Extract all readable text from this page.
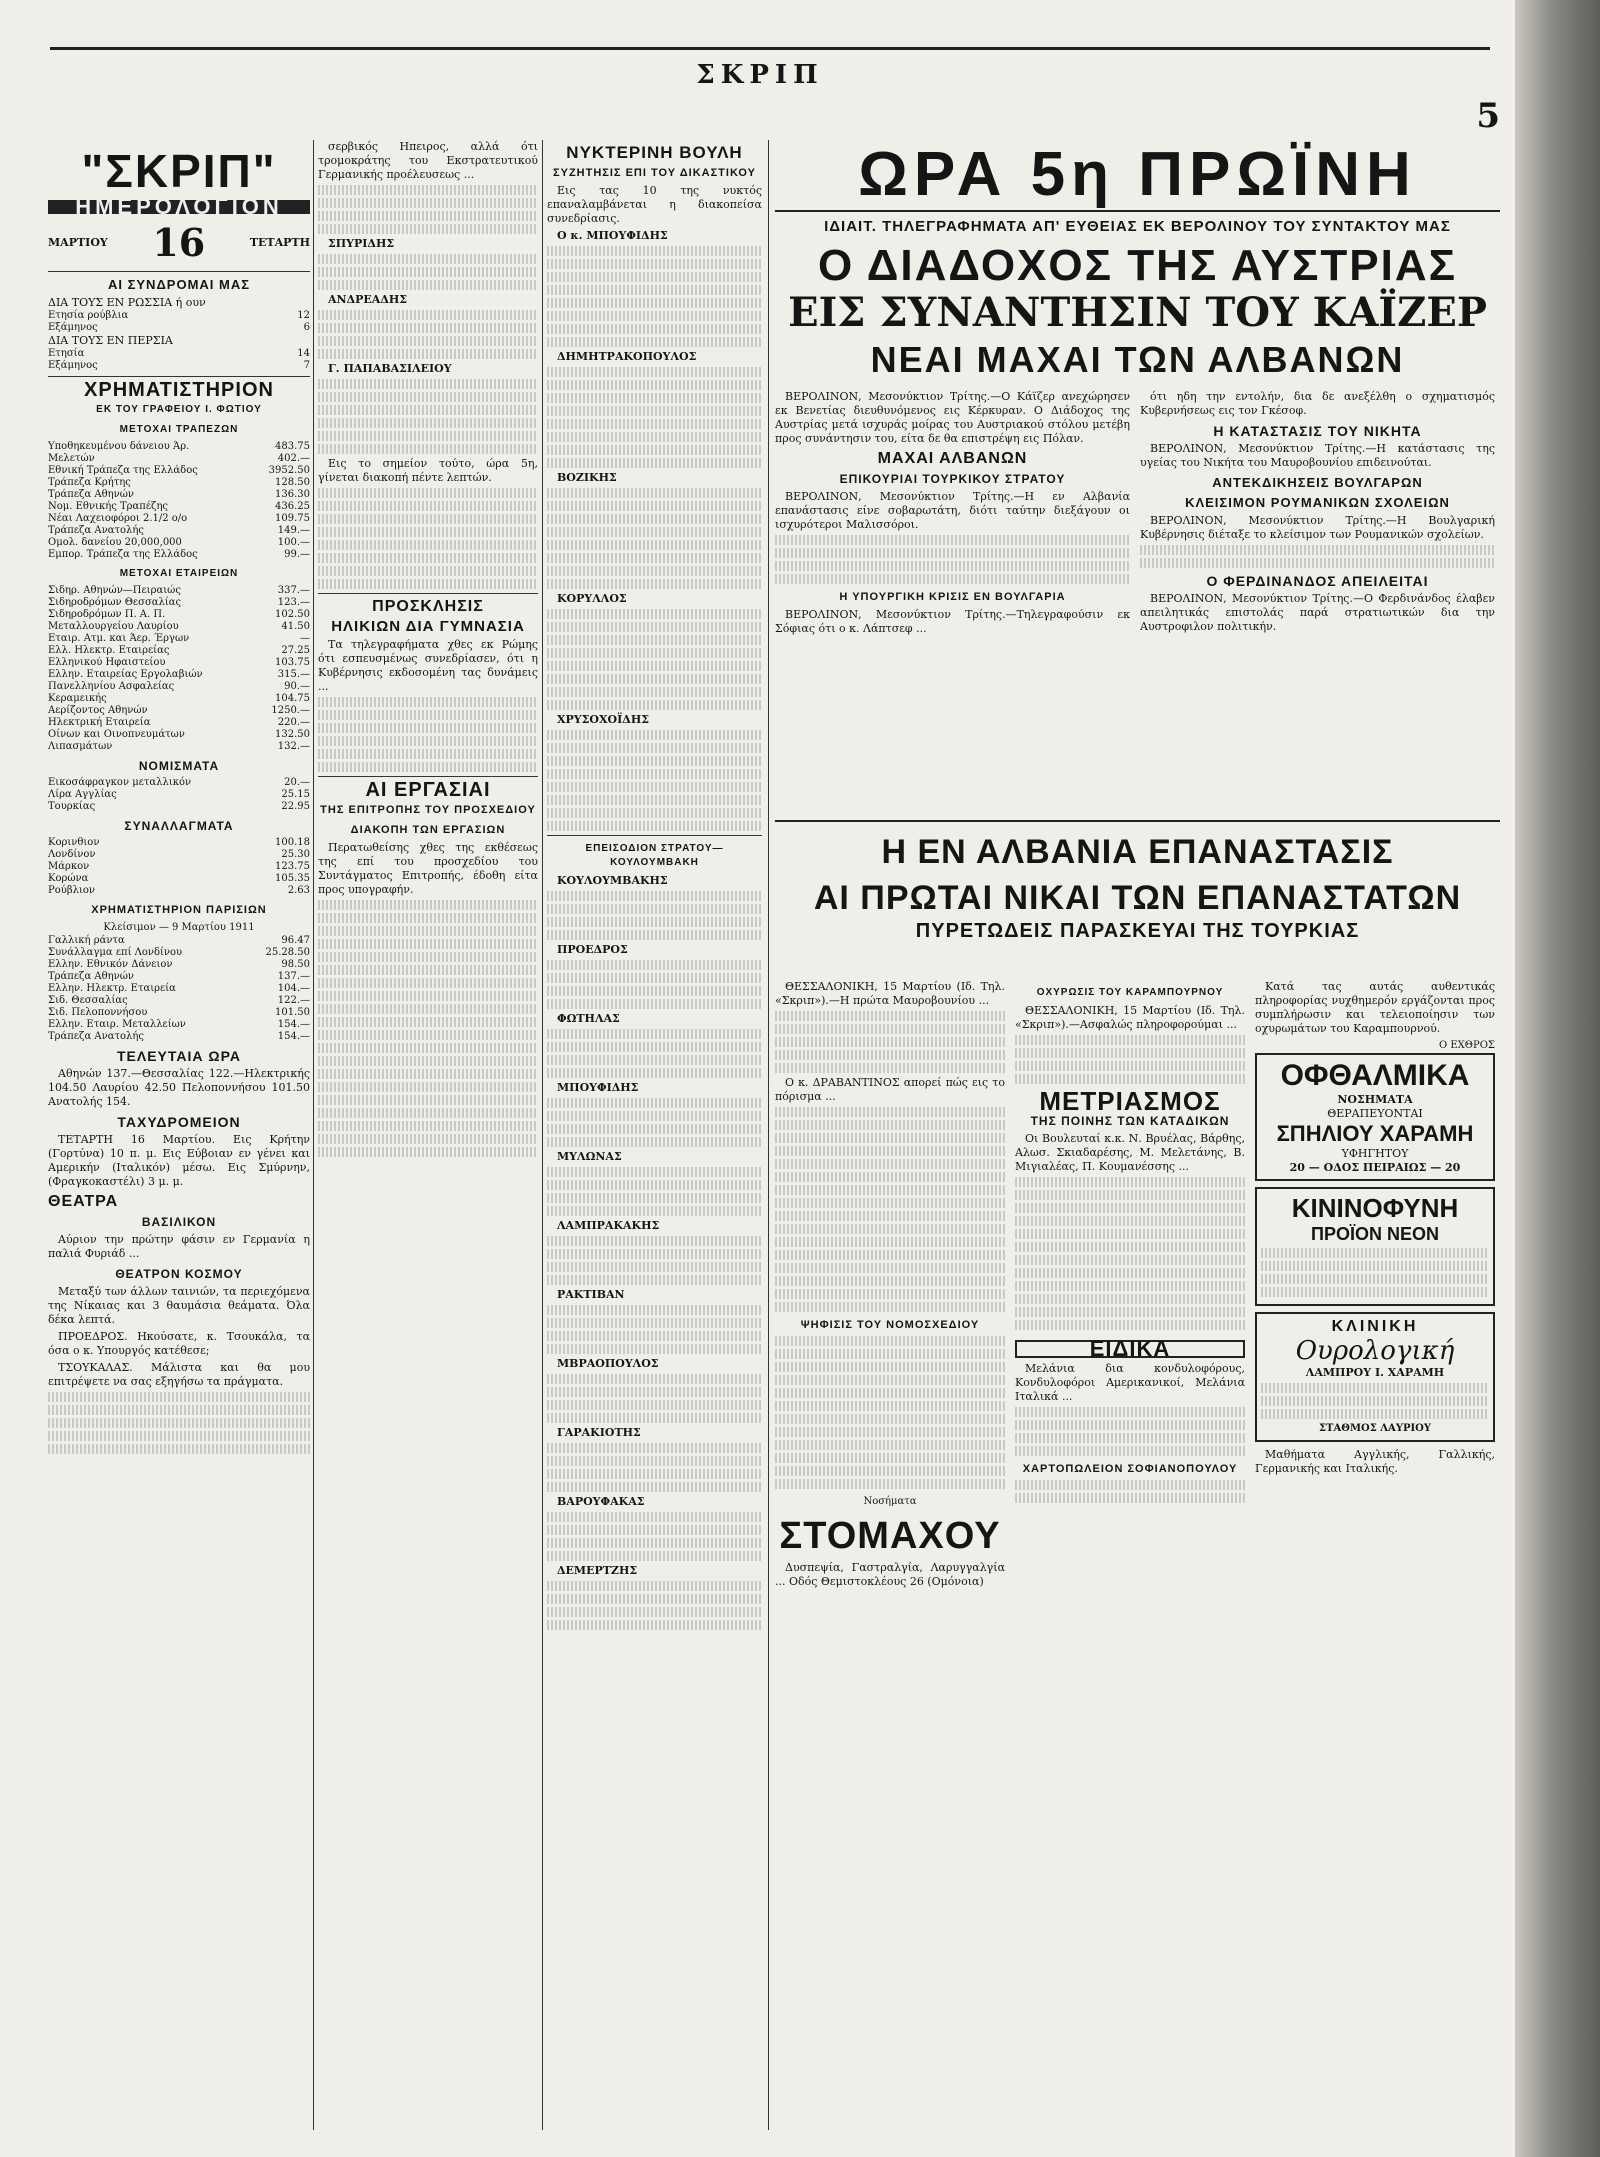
ΣΚΡΙΠ
5
"ΣΚΡΙΠ"
ΗΜΕΡΟΛΟΓΙΟΝ
ΜΑΡΤΙΟΥ 16	ΤΕΤΑΡΤΗ
ΑΙ ΣΥΝΔΡΟΜΑΙ ΜΑΣ
ΔΙΑ ΤΟΥΣ ΕΝ ΡΩΣΣΙΑ ή ουν
Ετησία ρούβλια	12
Εξάμηνος	6
ΔΙΑ ΤΟΥΣ ΕΝ ΠΕΡΣΙΑ
Ετησία	14
Εξάμηνος	7
ΧΡΗΜΑΤΙΣΤΗΡΙΟΝ
ΕΚ ΤΟΥ ΓΡΑΦΕΙΟΥ Ι. ΦΩΤΙΟΥ
ΜΕΤΟΧΑΙ ΤΡΑΠΕΖΩΝ
Υποθηκευμένου δάνειου Άρ.	483.75
Μελετών	402.—
Εθνική Τράπεζα της Ελλάδος	3952.50
Τράπεζα Κρήτης	128.50
Τράπεζα Αθηνών	136.30
Νομ. Εθνικής Τραπέζης	436.25
Νέαι Λαχειοφόροι 2.1/2 ο/ο	109.75
Τράπεζα Ανατολής	149.—
Ομολ. δανείου 20,000,000	100.—
Εμπορ. Τράπεζα της Ελλάδος	99.—
ΜΕΤΟΧΑΙ ΕΤΑΙΡΕΙΩΝ
Σιδηρ. Αθηνών—Πειραιώς	337.—
Σιδηροδρόμων Θεσσαλίας	123.—
Σιδηροδρόμων Π. Α. Π.	102.50
Μεταλλουργείου Λαυρίου	41.50
Εταιρ. Ατμ. και Άερ. Έργων	—
Ελλ. Ηλεκτρ. Εταιρείας	27.25
Ελληνικού Ηφαιστείου	103.75
Ελλην. Εταιρείας Εργολαβιών	315.—
Πανελληνίου Ασφαλείας	90.—
Κεραμεικής	104.75
Αερίζοντος Αθηνών	1250.—
Ηλεκτρική Εταιρεία	220.—
Οίνων και Οινοπνευμάτων	132.50
Λιπασμάτων	132.—
ΝΟΜΙΣΜΑΤΑ
Εικοσάφραγκον μεταλλικόν	20.—
Λίρα Αγγλίας	25.15
Τουρκίας	22.95
ΣΥΝΑΛΛΑΓΜΑΤΑ
Κορινθιον	100.18
Λονδίνον	25.30
Μάρκον	123.75
Κορώνα	105.35
Ρούβλιον	2.63
ΧΡΗΜΑΤΙΣΤΗΡΙΟΝ ΠΑΡΙΣΙΩΝ
Κλείσιμον — 9 Μαρτίου 1911
Γαλλική ράντα	96.47
Συνάλλαγμα επί Λονδίνου	25.28.50
Ελλην. Εθνικόν Δάνειον	98.50
Τράπεζα Αθηνών	137.—
Ελλην. Ηλεκτρ. Εταιρεία	104.—
Σιδ. Θεσσαλίας	122.—
Σιδ. Πελοποννήσου	101.50
Ελλην. Εταιρ. Μεταλλείων	154.—
Τράπεζα Ανατολής	154.—
ΤΕΛΕΥΤΑΙΑ ΩΡΑ
Αθηνών 137.—Θεσσαλίας 122.—Ηλεκτρικής 104.50 Λαυρίου 42.50 Πελοποννήσου 101.50 Ανατολής 154.
ΤΑΧΥΔΡΟΜΕΙΟΝ
ΤΕΤΑΡΤΗ 16 Μαρτίου. Εις Κρήτην (Γορτύνα) 10 π. μ. Εις Εύβοιαν εν γένει και Αμερικήν (Ιταλικόν) μέσω. Εις Σμύρνην, (Φραγκοκαστέλι) 3 μ. μ.
ΘΕΑΤΡΑ
ΒΑΣΙΛΙΚΟΝ
Αύριον την πρώτην φάσιν εν Γερμανία η παλιά Φυριάδ ...
ΘΕΑΤΡΟΝ ΚΟΣΜΟΥ
Μεταξύ των άλλων ταινιών, τα περιεχόμενα της Νίκαιας και 3 θαυμάσια θεάματα. Όλα δέκα λεπτά.
ΠΡΟΕΔΡΟΣ. Ηκούσατε, κ. Τσουκάλα, τα όσα ο κ. Υπουργός κατέθεσε;
ΤΣΟΥΚΑΛΑΣ. Μάλιστα και θα μου επιτρέψετε να σας εξηγήσω τα πράγματα.
σερβικός Ηπειρος, αλλά ότι τρομοκράτης του Εκστρατευτικού Γερμανικής προέλευσεως ...
ΣΠΥΡΙΔΗΣ
ΑΝΔΡΕΑΔΗΣ
Γ. ΠΑΠΑΒΑΣΙΛΕΙΟΥ
Εις το σημείον τούτο, ώρα 5η, γίνεται διακοπή πέντε λεπτών.
ΠΡΟΣΚΛΗΣΙΣ
ΗΛΙΚΙΩΝ ΔΙΑ ΓΥΜΝΑΣΙΑ
Τα τηλεγραφήματα χθες εκ Ρώμης ότι εσπευσμένως συνεδρίασεν, ότι η Κυβέρνησις εκδοσομένη τας δυνάμεις ...
ΑΙ ΕΡΓΑΣΙΑΙ
ΤΗΣ ΕΠΙΤΡΟΠΗΣ ΤΟΥ ΠΡΟΣΧΕΔΙΟΥ
ΔΙΑΚΟΠΗ ΤΩΝ ΕΡΓΑΣΙΩΝ
Περατωθείσης χθες της εκθέσεως της επί του προσχεδίου του Συντάγματος Επιτροπής, έδοθη είτα προς υπογραφήν.
ΝΥΚΤΕΡΙΝΗ ΒΟΥΛΗ
ΣΥΖΗΤΗΣΙΣ ΕΠΙ ΤΟΥ ΔΙΚΑΣΤΙΚΟΥ
Εις τας 10 της νυκτός επαναλαμβάνεται η διακοπείσα συνεδρίασις.
Ο κ. ΜΠΟΥΦΙΔΗΣ
ΔΗΜΗΤΡΑΚΟΠΟΥΛΟΣ
ΒΟΖΙΚΗΣ
ΚΟΡΥΛΛΟΣ
ΧΡΥΣΟΧΟΪΔΗΣ
ΕΠΕΙΣΟΔΙΟΝ ΣΤΡΑΤΟΥ—ΚΟΥΛΟΥΜΒΑΚΗ
ΚΟΥΛΟΥΜΒΑΚΗΣ
ΠΡΟΕΔΡΟΣ
ΦΩΤΗΛΑΣ
ΜΠΟΥΦΙΔΗΣ
ΜΥΛΩΝΑΣ
ΛΑΜΠΡΑΚΑΚΗΣ
ΡΑΚΤΙΒΑΝ
ΜΒΡΑΟΠΟΥΛΟΣ
ΓΑΡΑΚΙΟΤΗΣ
ΒΑΡΟΥΦΑΚΑΣ
ΔΕΜΕΡΤΖΗΣ
ΩΡΑ 5η ΠΡΩΪΝΗ
ΙΔΙΑΙΤ. ΤΗΛΕΓΡΑΦΗΜΑΤΑ ΑΠ' ΕΥΘΕΙΑΣ ΕΚ ΒΕΡΟΛΙΝΟΥ ΤΟΥ ΣΥΝΤΑΚΤΟΥ ΜΑΣ
Ο ΔΙΑΔΟΧΟΣ ΤΗΣ ΑΥΣΤΡΙΑΣ
ΕΙΣ ΣΥΝΑΝΤΗΣΙΝ ΤΟΥ ΚΑΪΖΕΡ
ΝΕΑΙ ΜΑΧΑΙ ΤΩΝ ΑΛΒΑΝΩΝ
ΒΕΡΟΛΙΝΟΝ, Μεσονύκτιον Τρίτης.—Ο Κάϊζερ ανεχώρησεν εκ Βενετίας διευθυνόμενος εις Κέρκυραν. Ο Διάδοχος της Αυστρίας μετά ισχυράς μοίρας του Αυστριακού στόλου μετέβη προς συνάντησιν του, είτα δε θα επιστρέψη εις Πόλαν.
ΜΑΧΑΙ ΑΛΒΑΝΩΝ
ΕΠΙΚΟΥΡΙΑΙ ΤΟΥΡΚΙΚΟΥ ΣΤΡΑΤΟΥ
ΒΕΡΟΛΙΝΟΝ, Μεσονύκτιον Τρίτης.—Η εν Αλβανία επανάστασις είνε σοβαρωτάτη, διότι ταύτην διεξάγουν οι ισχυρότεροι Μαλισσόροι.
Η ΥΠΟΥΡΓΙΚΗ ΚΡΙΣΙΣ ΕΝ ΒΟΥΛΓΑΡΙΑ
ΒΕΡΟΛΙΝΟΝ, Μεσονύκτιον Τρίτης.—Τηλεγραφούσιν εκ Σόφιας ότι ο κ. Λάπτσεφ ...
ότι ηδη την εντολήν, δια δε ανεξέλθη ο σχηματισμός Κυβερνήσεως εις τον Γκέσοφ.
Η ΚΑΤΑΣΤΑΣΙΣ ΤΟΥ ΝΙΚΗΤΑ
ΒΕΡΟΛΙΝΟΝ, Μεσονύκτιον Τρίτης.—Η κατάστασις της υγείας του Νικήτα του Μαυροβουνίου επιδεινούται.
ΑΝΤΕΚΔΙΚΗΣΕΙΣ ΒΟΥΛΓΑΡΩΝ
ΚΛΕΙΣΙΜΟΝ ΡΟΥΜΑΝΙΚΩΝ ΣΧΟΛΕΙΩΝ
ΒΕΡΟΛΙΝΟΝ, Μεσονύκτιον Τρίτης.—Η Βουλγαρική Κυβέρνησις διέταξε το κλείσιμον των Ρουμανικών σχολείων.
Ο ΦΕΡΔΙΝΑΝΔΟΣ ΑΠΕΙΛΕΙΤΑΙ
ΒΕΡΟΛΙΝΟΝ, Μεσονύκτιον Τρίτης.—Ο Φερδινάνδος έλαβεν απειλητικάς επιστολάς παρά στρατιωτικών δια την Αυστροφιλον πολιτικήν.
Η ΕΝ ΑΛΒΑΝΙΑ ΕΠΑΝΑΣΤΑΣΙΣ
ΑΙ ΠΡΩΤΑΙ ΝΙΚΑΙ ΤΩΝ ΕΠΑΝΑΣΤΑΤΩΝ
ΠΥΡΕΤΩΔΕΙΣ ΠΑΡΑΣΚΕΥΑΙ ΤΗΣ ΤΟΥΡΚΙΑΣ
ΘΕΣΣΑΛΟΝΙΚΗ, 15 Μαρτίου (Ιδ. Τηλ. «Σκριπ»).—Η πρώτα Μαυροβουνίου ...
Ο κ. ΔΡΑΒΑΝΤΙΝΟΣ απορεί πώς εις το πόρισμα ...
ΨΗΦΙΣΙΣ ΤΟΥ ΝΟΜΟΣΧΕΔΙΟΥ
Νοσήματα
ΣΤΟΜΑΧΟΥ
Δυσπεψία, Γαστραλγία, Λαρυγγαλγία ... Οδός Θεμιστοκλέους 26 (Ομόνοια)
ΟΧΥΡΩΣΙΣ ΤΟΥ ΚΑΡΑΜΠΟΥΡΝΟΥ
ΘΕΣΣΑΛΟΝΙΚΗ, 15 Μαρτίου (Ιδ. Τηλ. «Σκριπ»).—Ασφαλώς πληροφορούμαι ...
ΜΕΤΡΙΑΣΜΟΣ
ΤΗΣ ΠΟΙΝΗΣ ΤΩΝ ΚΑΤΑΔΙΚΩΝ
Οι Βουλευταί κ.κ. Ν. Βρυέλας, Βάρθης, Αλωσ. Σκιαδαρέσης, Μ. Μελετάνης, Β. Μιγιαλέας, Π. Κουμανέσσης ...
ΕΙΔΙΚΑ
Μελάνια δια κονδυλοφόρους, Κονδυλοφόροι Αμερικανικοί, Μελάνια Ιταλικά ...
ΧΑΡΤΟΠΩΛΕΙΟΝ ΣΟΦΙΑΝΟΠΟΥΛΟΥ
Κατά τας αυτάς αυθεντικάς πληροφορίας νυχθημερόν εργάζονται προς συμπλήρωσιν και τελειοποίησιν των οχυρωμάτων του Καραμπουρνού.
Ο ΕΧΘΡΟΣ
ΟΦΘΑΛΜΙΚΑ
ΝΟΣΗΜΑΤΑ
ΘΕΡΑΠΕΥΟΝΤΑΙ
ΣΠΗΛΙΟΥ ΧΑΡΑΜΗ
ΥΦΗΓΗΤΟΥ
20 — ΟΔΟΣ ΠΕΙΡΑΙΩΣ — 20
ΚΙΝΙΝΟΦΥΝΗ
ΠΡΟΪΟΝ ΝΕΟΝ
ΚΛΙΝΙΚΗ
Ουρολογική
ΛΑΜΠΡΟΥ Ι. ΧΑΡΑΜΗ
ΣΤΑΘΜΟΣ ΛΑΥΡΙΟΥ
Μαθήματα Αγγλικής, Γαλλικής, Γερμανικής και Ιταλικής.
